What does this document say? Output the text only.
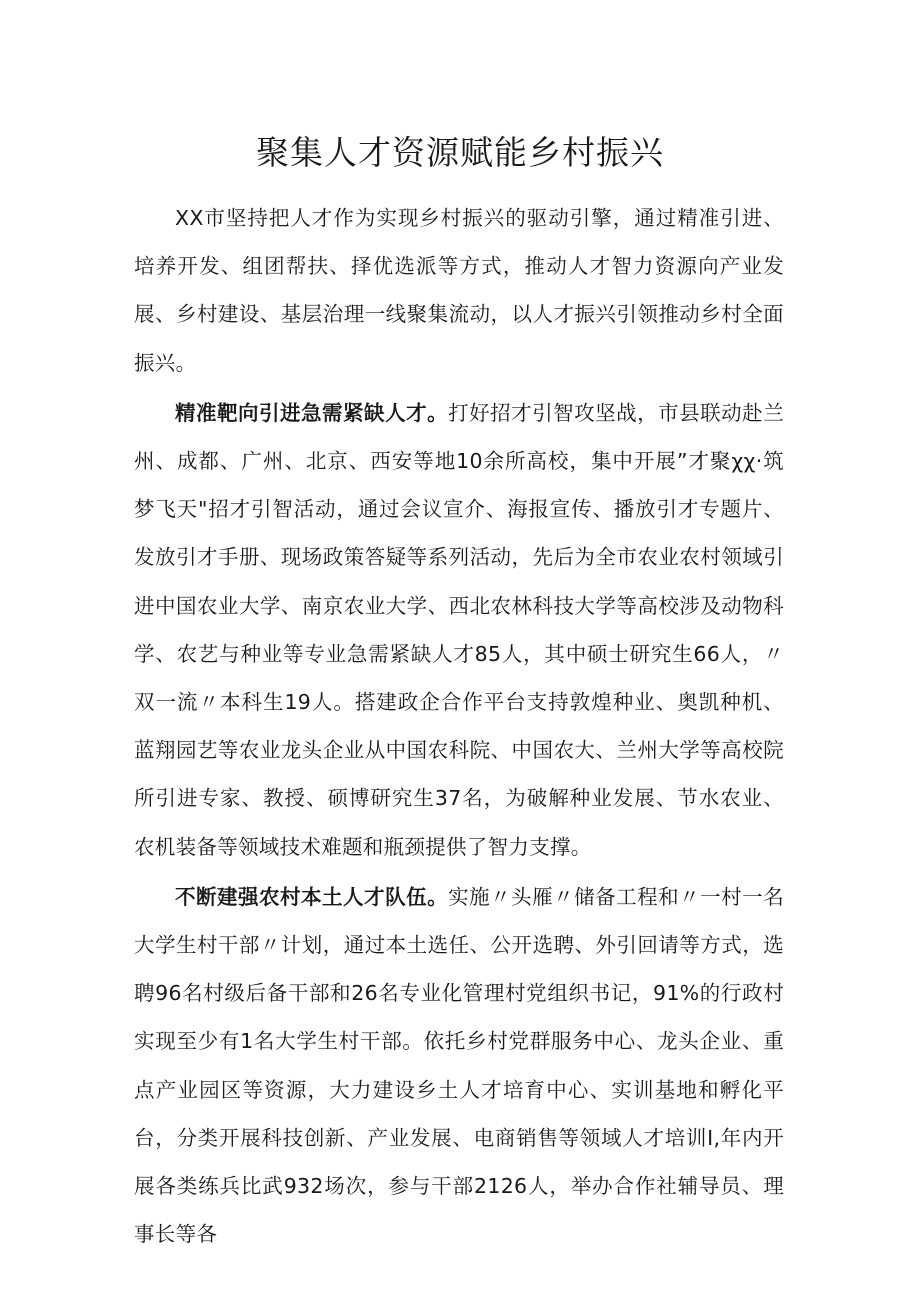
聚集人才资源赋能乡村振兴

XX市坚持把人才作为实现乡村振兴的驱动引擎，通过精准引进、培养开发、组团帮扶、择优选派等方式，推动人才智力资源向产业发展、乡村建设、基层治理一线聚集流动，以人才振兴引领推动乡村全面振兴。

精准靶向引进急需紧缺人才。打好招才引智攻坚战，市县联动赴兰州、成都、广州、北京、西安等地10余所高校，集中开展”才聚χχ·筑梦飞天"招才引智活动，通过会议宣介、海报宣传、播放引才专题片、发放引才手册、现场政策答疑等系列活动，先后为全市农业农村领域引进中国农业大学、南京农业大学、西北农林科技大学等高校涉及动物科学、农艺与种业等专业急需紧缺人才85人，其中硕士研究生66人，〃双一流〃本科生19人。搭建政企合作平台支持敦煌种业、奥凯种机、蓝翔园艺等农业龙头企业从中国农科院、中国农大、兰州大学等高校院所引进专家、教授、硕博研究生37名，为破解种业发展、节水农业、农机装备等领域技术难题和瓶颈提供了智力支撑。

不断建强农村本土人才队伍。实施〃头雁〃储备工程和〃一村一名大学生村干部〃计划，通过本土选任、公开选聘、外引回请等方式，选聘96名村级后备干部和26名专业化管理村党组织书记，91%的行政村实现至少有1名大学生村干部。依托乡村党群服务中心、龙头企业、重点产业园区等资源，大力建设乡土人才培育中心、实训基地和孵化平台，分类开展科技创新、产业发展、电商销售等领域人才培训I,年内开展各类练兵比武932场次，参与干部2126人，举办合作社辅导员、理事长等各
